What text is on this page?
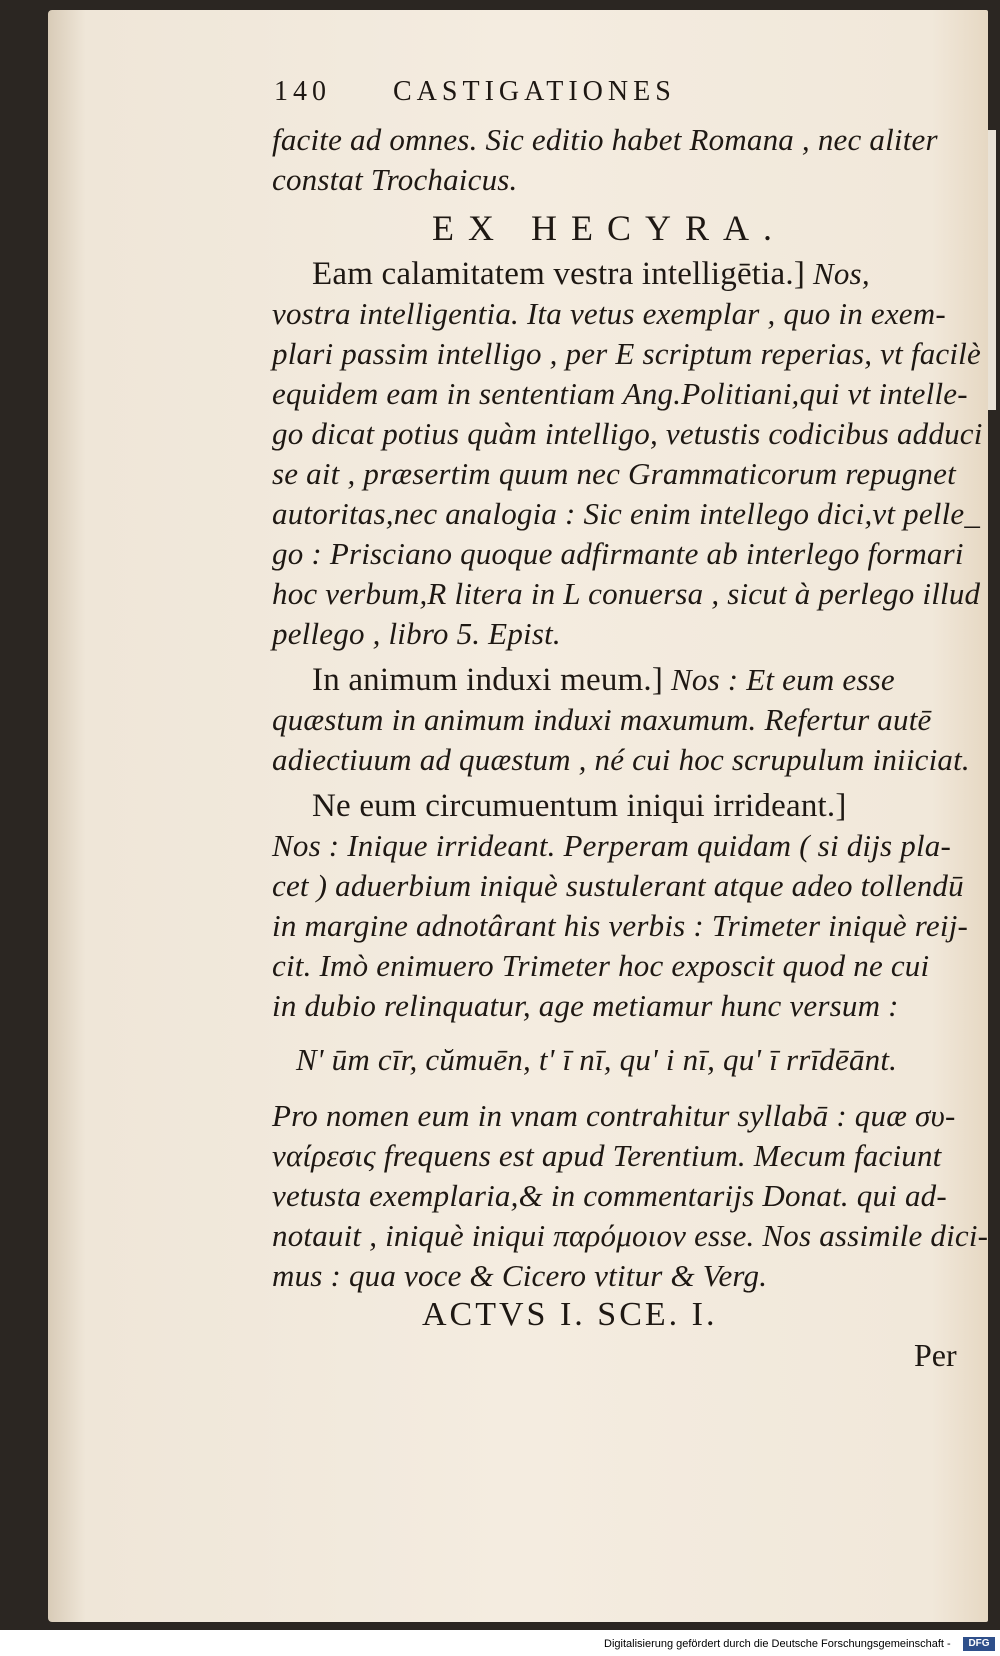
140 CASTIGATIONES
facite ad omnes. Sic editio habet Romana , nec aliter
constat Trochaicus.
EX HECYRA.
Eam calamitatem vestra intelligētia.] Nos,
vostra intelligentia. Ita vetus exemplar , quo in exem-
plari passim intelligo , per E scriptum reperias, vt facilè
equidem eam in sententiam Ang.Politiani,qui vt intelle-
go dicat potius quàm intelligo, vetustis codicibus adduci
se ait , præsertim quum nec Grammaticorum repugnet
autoritas,nec analogia : Sic enim intellego dici,vt pelle_
go : Prisciano quoque adfirmante ab interlego formari
hoc verbum,R litera in L conuersa , sicut à perlego illud
pellego , libro 5. Epist.
In animum induxi meum.] Nos : Et eum esse
quæstum in animum induxi maxumum. Refertur autē
adiectiuum ad quæstum , né cui hoc scrupulum iniiciat.
Ne eum circumuentum iniqui irrideant.]
Nos : Inique irrideant. Perperam quidam ( si dijs pla-
cet ) aduerbium iniquè sustulerant atque adeo tollendū
in margine adnotârant his verbis : Trimeter iniquè reij-
cit. Imò enimuero Trimeter hoc exposcit quod ne cui
in dubio relinquatur, age metiamur hunc versum :
N' ūm cīr, cŭmuēn, t' ī nī, qu' i nī, qu' ī rrīdēānt.
Pro nomen eum in vnam contrahitur syllabā : quæ συ-
ναίρεσις frequens est apud Terentium. Mecum faciunt
vetusta exemplaria,& in commentarijs Donat. qui ad-
notauit , iniquè iniqui παρόμοιον esse. Nos assimile dici-
mus : qua voce & Cicero vtitur & Verg.
ACTVS I. SCE. I.
Per
Digitalisierung gefördert durch die Deutsche Forschungsgemeinschaft -	DFG
